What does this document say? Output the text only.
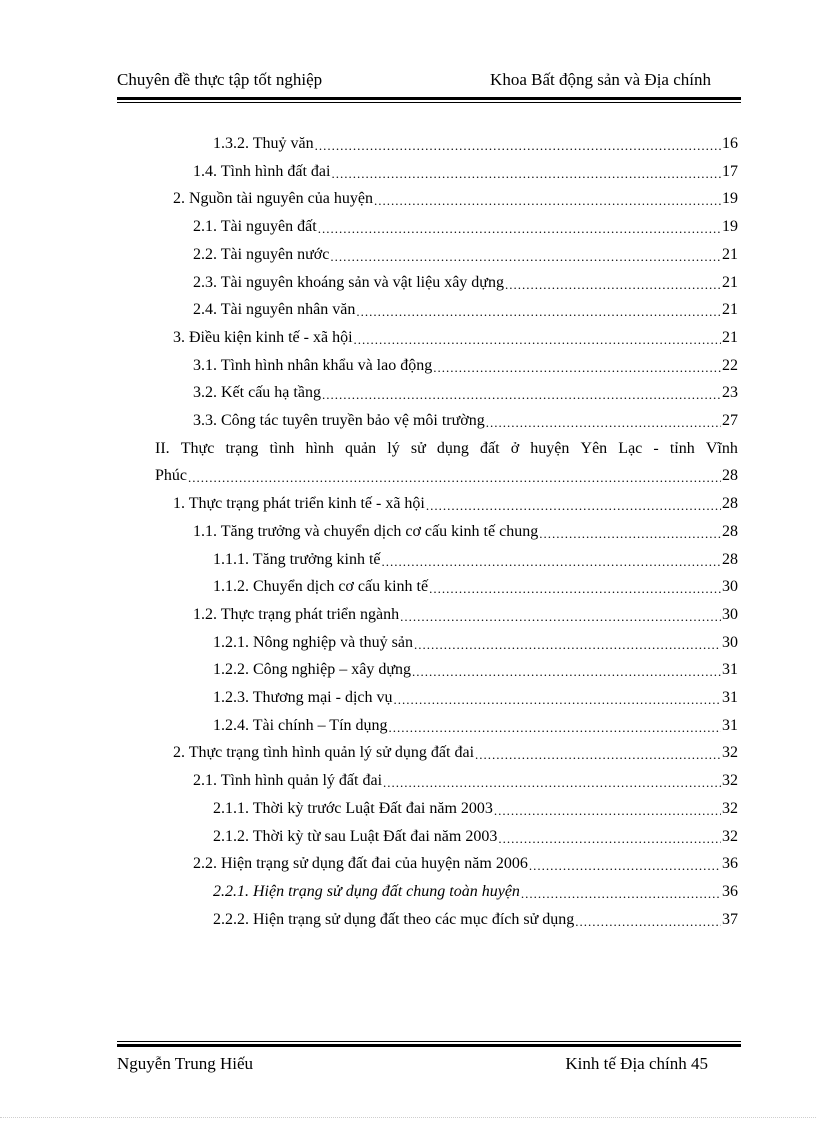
Chuyên đề thực tập tốt nghiệp	Khoa Bất động sản và Địa chính
1.3.2. Thuỷ văn .....	16
1.4. Tình hình đất đai .....	17
2. Nguồn tài nguyên của huyện .....	19
2.1. Tài nguyên đất .....	19
2.2. Tài nguyên nước .....	21
2.3. Tài nguyên khoáng sản và vật liệu xây dựng .....	21
2.4. Tài nguyên nhân văn .....	21
3. Điều kiện kinh tế - xã hội .....	21
3.1. Tình hình nhân khẩu và lao động .....	22
3.2. Kết cấu hạ tầng .....	23
3.3. Công tác tuyên truyền bảo vệ môi trường .....	27
II. Thực trạng tình hình quản lý sử dụng đất ở huyện Yên Lạc - tỉnh Vĩnh
Phúc .....	28
1. Thực trạng phát triển kinh tế - xã hội .....	28
1.1. Tăng trưởng và chuyển dịch cơ cấu kinh tế chung .....	28
1.1.1. Tăng trưởng kinh tế .....	28
1.1.2. Chuyển dịch cơ cấu kinh tế .....	30
1.2. Thực trạng phát triển ngành .....	30
1.2.1. Nông nghiệp và thuỷ sản .....	30
1.2.2. Công nghiệp – xây dựng .....	31
1.2.3. Thương mại - dịch vụ .....	31
1.2.4. Tài chính – Tín dụng .....	31
2. Thực trạng tình hình quản lý sử dụng đất đai .....	32
2.1. Tình hình quản lý đất đai .....	32
2.1.1. Thời kỳ trước Luật Đất đai năm 2003 .....	32
2.1.2. Thời kỳ từ sau Luật Đất đai năm 2003 .....	32
2.2. Hiện trạng sử dụng đất đai của huyện năm 2006 .....	36
2.2.1. Hiện trạng sử dụng đất chung toàn huyện .....	36
2.2.2. Hiện trạng sử dụng đất theo các mục đích sử dụng .....	37
Nguyễn Trung Hiếu	Kinh tế Địa chính 45
